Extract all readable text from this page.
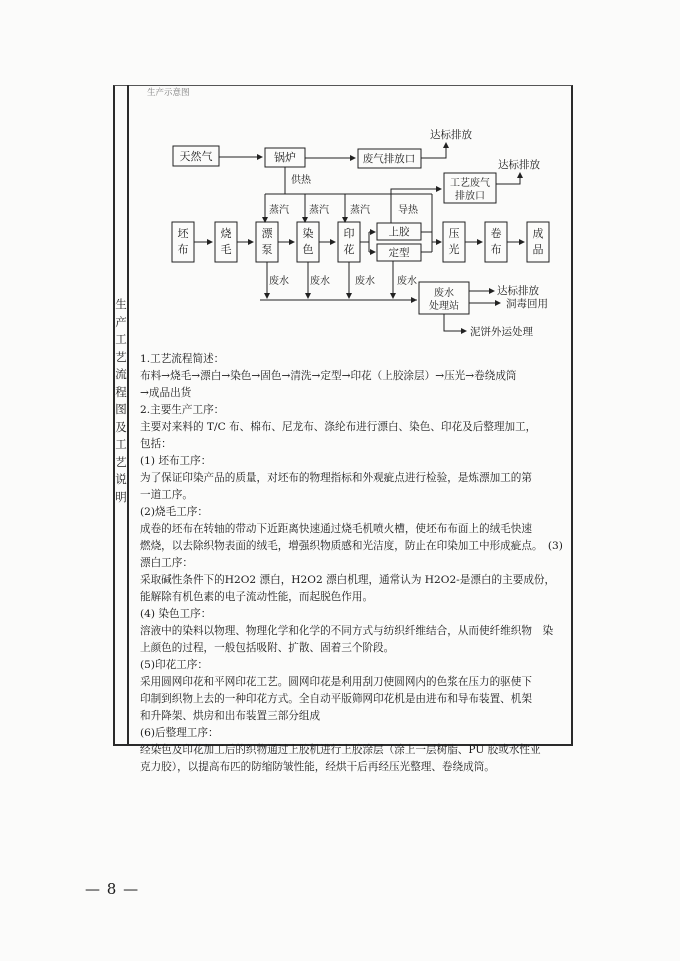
生产示意图
生
产
工
艺
流
程
图
及
工
艺
说
明
天然气	锅炉	废气排放口
达标排放
工艺废气
排放口
达标排放
供热
蒸汽 蒸汽 蒸汽	导热
坯
布
烧
毛
漂
泵
染
色
印
花
上胶
定型
压
光
卷
布
成
品
废水 废水	废水 废水
废水
处理站
达标排放
洞毒回用
泥饼外运处理

1.工艺流程简述：

布料→烧毛→漂白→染色→固色→清洗→定型→印花（上胶涂层）→压光→卷绕成筒

→成品出货

2.主要生产工序：

主要对来料的 T/C 布、棉布、尼龙布、涤纶布进行漂白、染色、印花及后整理加工，

包括：

(1) 坯布工序：

为了保证印染产品的质量，对坯布的物理指标和外观疵点进行检验，是炼漂加工的第

一道工序。

(2)烧毛工序：

成卷的坯布在转轴的带动下近距离快速通过烧毛机喷火槽，使坯布布面上的绒毛快速

燃烧，以去除织物表面的绒毛，增强织物质感和光洁度，防止在印染加工中形成疵点。　(3)

漂白工序：

采取碱性条件下的H2O2 漂白，H2O2 漂白机理，通常认为 H2O2-是漂白的主要成份，

能解除有机色素的电子流动性能，而起脱色作用。

(4) 染色工序：

溶液中的染料以物理、物理化学和化学的不同方式与纺织纤维结合，从而使纤维织物　染

上颜色的过程，一般包括吸附、扩散、固着三个阶段。

(5)印花工序：

采用圆网印花和平网印花工艺。圆网印花是利用刮刀使圆网内的色浆在压力的驱使下

印制到织物上去的一种印花方式。全自动平版筛网印花机是由进布和导布装置、机架

和升降架、烘房和出布装置三部分组成

(6)后整理工序：

经染色及印花加工后的织物通过上胶机进行上胶涂层（涂上一层树脂、PU 胶或水性亚

克力胶），以提高布匹的防缩防皱性能，经烘干后再经压光整理、卷绕成筒。

— 8 —
